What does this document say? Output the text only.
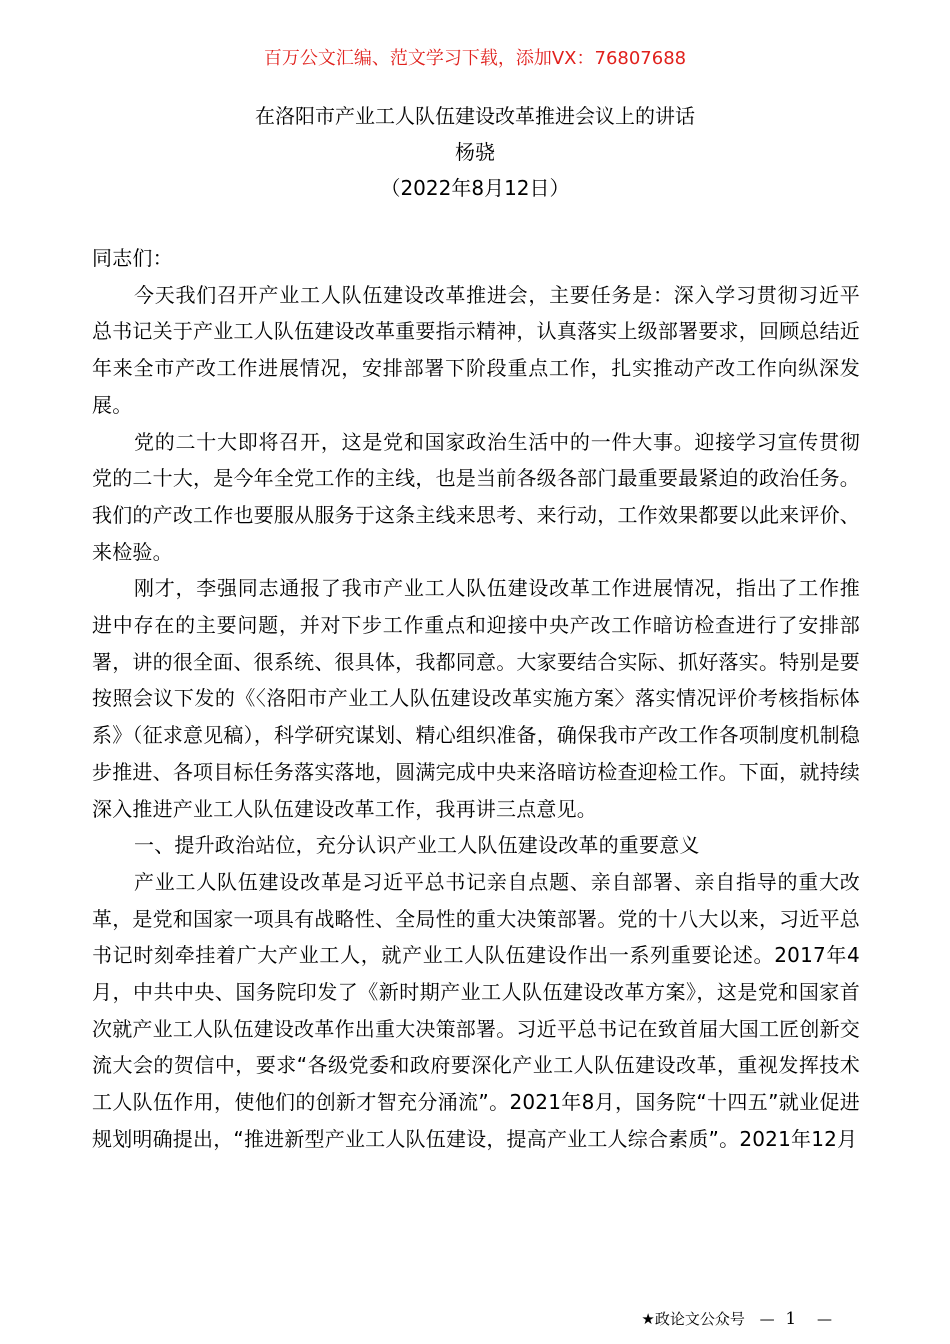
百万公文汇编、范文学习下载，添加VX：76807688
在洛阳市产业工人队伍建设改革推进会议上的讲话
杨骁
（2022年8月12日）

同志们：

今天我们召开产业工人队伍建设改革推进会，主要任务是：深入学习贯彻习近平总书记关于产业工人队伍建设改革重要指示精神，认真落实上级部署要求，回顾总结近年来全市产改工作进展情况，安排部署下阶段重点工作，扎实推动产改工作向纵深发展。

党的二十大即将召开，这是党和国家政治生活中的一件大事。迎接学习宣传贯彻党的二十大，是今年全党工作的主线，也是当前各级各部门最重要最紧迫的政治任务。我们的产改工作也要服从服务于这条主线来思考、来行动，工作效果都要以此来评价、来检验。

刚才，李强同志通报了我市产业工人队伍建设改革工作进展情况，指出了工作推进中存在的主要问题，并对下步工作重点和迎接中央产改工作暗访检查进行了安排部署，讲的很全面、很系统、很具体，我都同意。大家要结合实际、抓好落实。特别是要按照会议下发的《〈洛阳市产业工人队伍建设改革实施方案〉落实情况评价考核指标体系》（征求意见稿），科学研究谋划、精心组织准备，确保我市产改工作各项制度机制稳步推进、各项目标任务落实落地，圆满完成中央来洛暗访检查迎检工作。下面，就持续深入推进产业工人队伍建设改革工作，我再讲三点意见。

一、提升政治站位，充分认识产业工人队伍建设改革的重要意义

产业工人队伍建设改革是习近平总书记亲自点题、亲自部署、亲自指导的重大改革，是党和国家一项具有战略性、全局性的重大决策部署。党的十八大以来，习近平总书记时刻牵挂着广大产业工人，就产业工人队伍建设作出一系列重要论述。2017年4月，中共中央、国务院印发了《新时期产业工人队伍建设改革方案》，这是党和国家首次就产业工人队伍建设改革作出重大决策部署。习近平总书记在致首届大国工匠创新交流大会的贺信中，要求“各级党委和政府要深化产业工人队伍建设改革，重视发挥技术工人队伍作用，使他们的创新才智充分涌流”。2021年8月，国务院“十四五”就业促进规划明确提出，“推进新型产业工人队伍建设，提高产业工人综合素质”。2021年12月

★政论文公众号 — 1 —
